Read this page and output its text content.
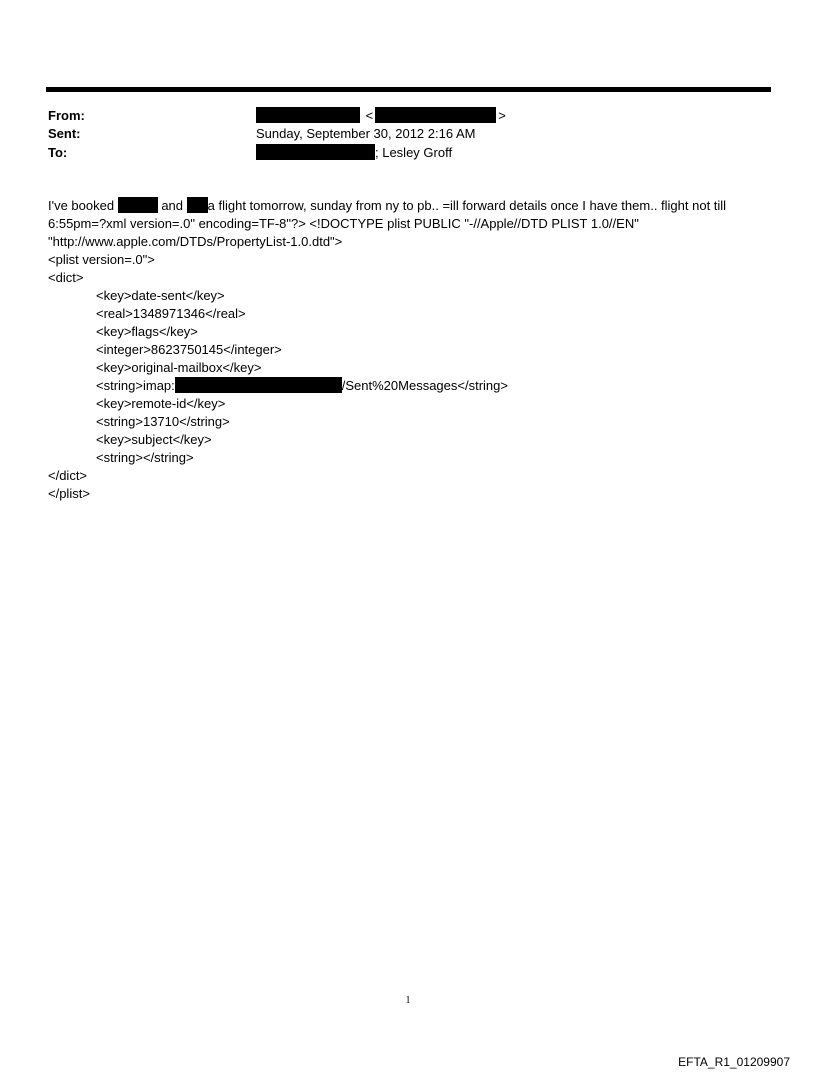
From:	<	>
Sent:	Sunday, September 30, 2012 2:16 AM
To:	; Lesley Groff
I've booked	and a flight tomorrow, sunday from ny to pb.. =ill forward details once I have them.. flight not till
6:55pm=?xml version=.0" encoding=TF-8"?> <!DOCTYPE plist PUBLIC "-//Apple//DTD PLIST 1.0//EN"
"http://www.apple.com/DTDs/PropertyList-1.0.dtd">
<plist version=.0">
<dict>
<key>date-sent</key>
<real>1348971346</real>
<key>flags</key>
<integer>8623750145</integer>
<key>original-mailbox</key>
<string>imap:	/Sent%20Messages</string>
<key>remote-id</key>
<string>13710</string>
<key>subject</key>
<string></string>
</dict>
</plist>
1
EFTA_R1_01209907
